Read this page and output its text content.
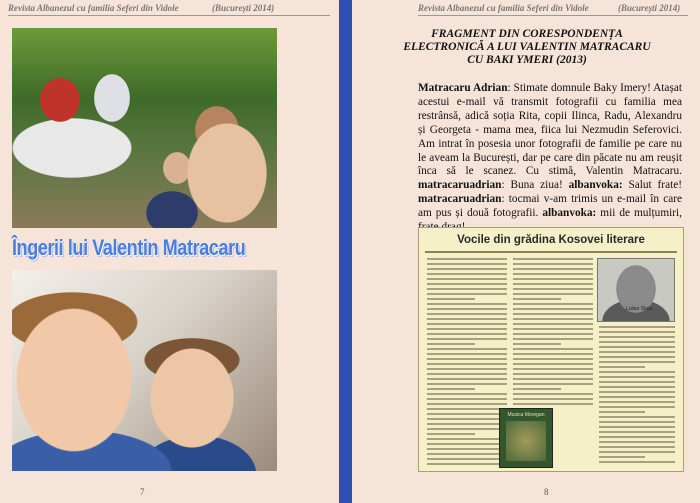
Revista Albanezul cu familia Seferi din Vidole	(București 2014)
Îngerii lui Valentin Matracaru
7
Revista Albanezul cu familia Seferi din Vidole	(București 2014)
FRAGMENT DIN CORESPONDENȚA
ELECTRONICĂ A LUI VALENTIN MATRACARU
CU BAKI YMERI (2013)
Matracaru Adrian: Stimate domnule Baky Imery! Atașat acestui e-mail vă transmit fotografii cu familia mea restrânsă, adică soția Rita, copii Ilinca, Radu, Alexandru și Georgeta - mama mea, fiica lui Nezmudin Seferovici. Am intrat în posesia unor fotografii de familie pe care nu le aveam la București, dar pe care din păcate nu am reușit înca să le scanez. Cu stimă, Valentin Matracaru. matracaruadrian: Buna ziua! albanvoka: Salut frate! matracaruadrian: tocmai v-am trimis un e-mail în care am pus și două fotografii. albanvoka: mii de mulțumiri,
Vocile din grădina Kosovei literare
Lulian Stoia
Musica Moregan
8
